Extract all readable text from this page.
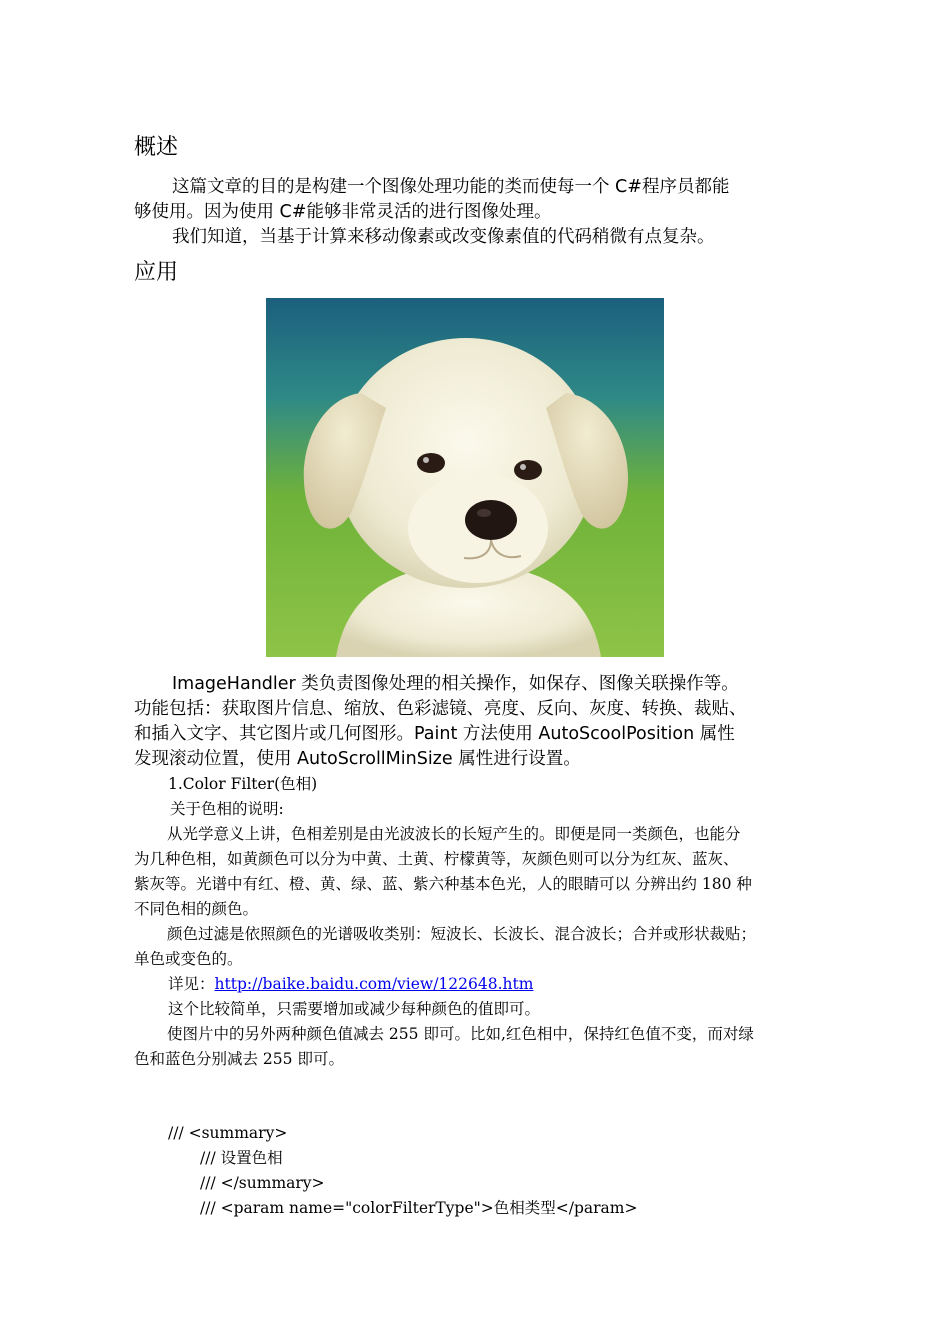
概述

这篇文章的目的是构建一个图像处理功能的类而使每一个 C#程序员都能
够使用。因为使用 C#能够非常灵活的进行图像处理。

我们知道，当基于计算来移动像素或改变像素值的代码稍微有点复杂。

应用

ImageHandler 类负责图像处理的相关操作，如保存、图像关联操作等。
功能包括：获取图片信息、缩放、色彩滤镜、亮度、反向、灰度、转换、裁贴、
和插入文字、其它图片或几何图形。Paint 方法使用 AutoScoolPosition 属性
发现滚动位置，使用 AutoScrollMinSize 属性进行设置。

1.Color Filter(色相)

关于色相的说明:

从光学意义上讲，色相差别是由光波波长的长短产生的。即便是同一类颜色，也能分
为几种色相，如黄颜色可以分为中黄、土黄、柠檬黄等，灰颜色则可以分为红灰、蓝灰、
紫灰等。光谱中有红、橙、黄、绿、蓝、紫六种基本色光，人的眼睛可以 分辨出约 180 种
不同色相的颜色。

颜色过滤是依照颜色的光谱吸收类别：短波长、长波长、混合波长；合并或形状裁贴；
单色或变色的。

详见：http://baike.baidu.com/view/122648.htm

这个比较简单，只需要增加或减少每种颜色的值即可。

使图片中的另外两种颜色值减去 255 即可。比如,红色相中，保持红色值不变，而对绿
色和蓝色分别减去 255 即可。

/// <summary>

/// 设置色相

/// </summary>

/// <param name="colorFilterType">色相类型</param>
